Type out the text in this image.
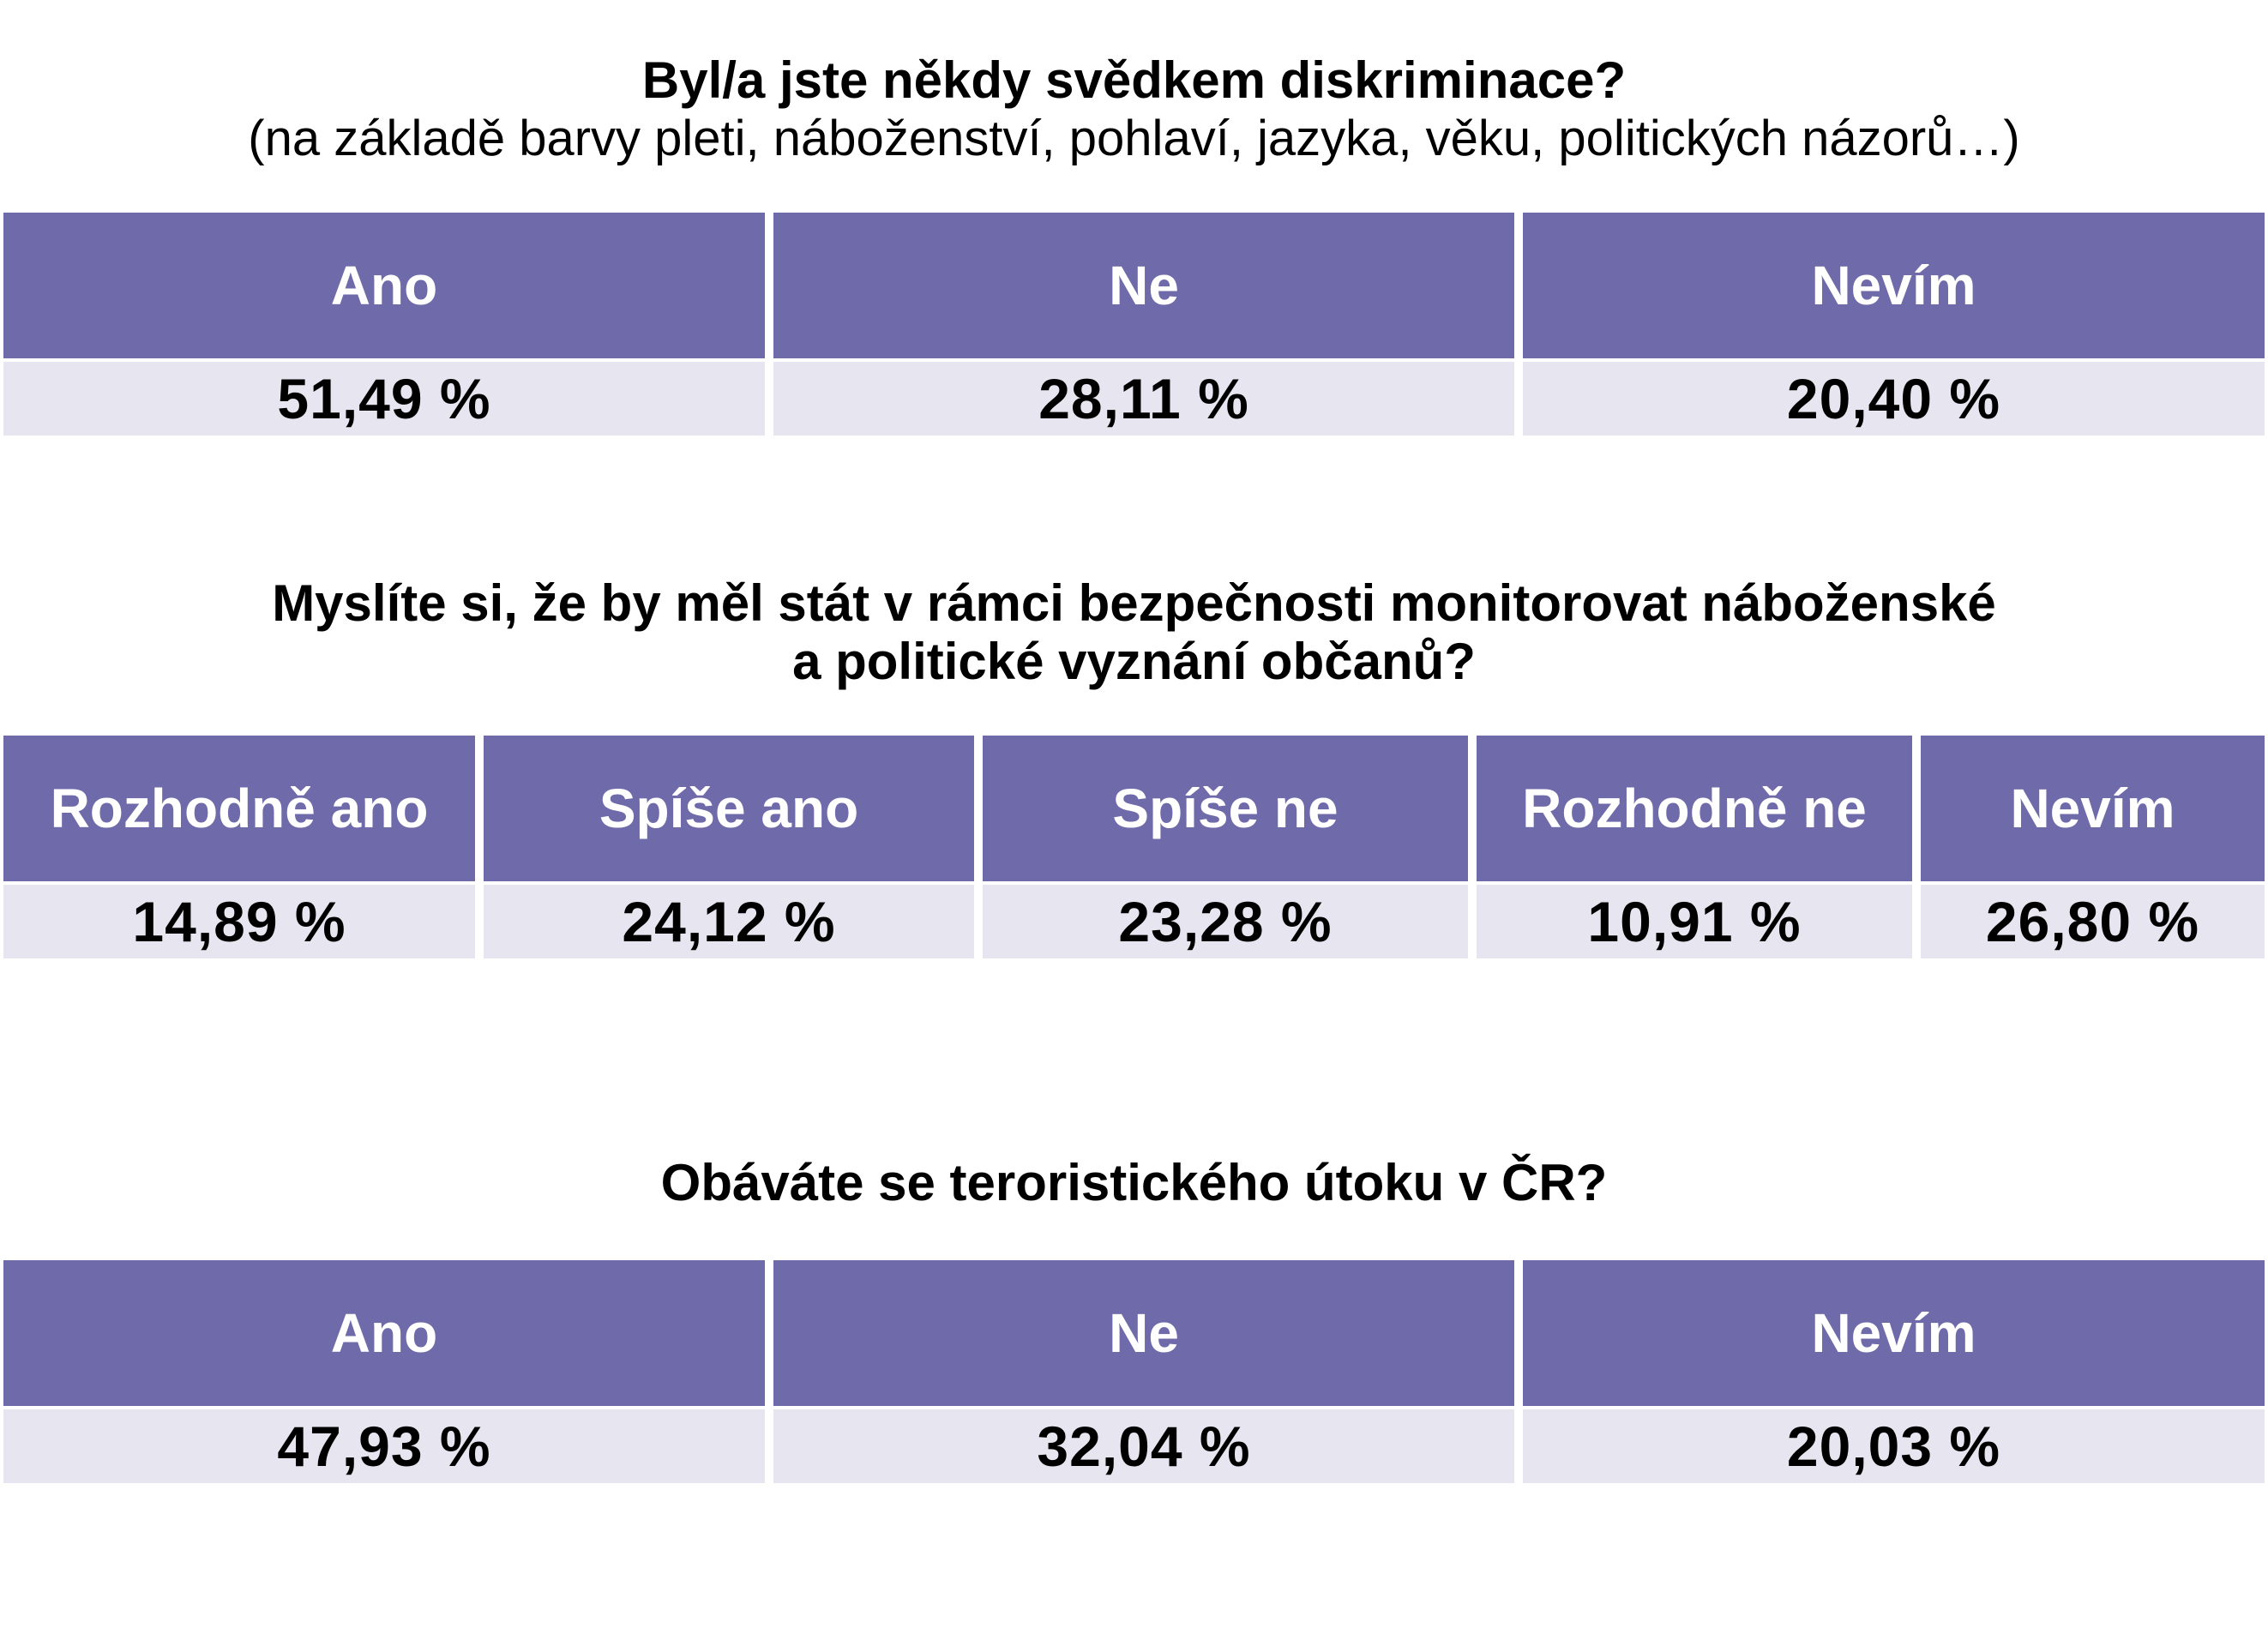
Byl/a jste někdy svědkem diskriminace?
(na základě barvy pleti, náboženství, pohlaví, jazyka, věku, politických názorů…)
Ano
51,49 %
Ne
28,11 %
Nevím
20,40 %
Myslíte si, že by měl stát v rámci bezpečnosti monitorovat náboženské
a politické vyznání občanů?
Rozhodně ano
14,89 %
Spíše ano
24,12 %
Spíše ne
23,28 %
Rozhodně ne
10,91 %
Nevím
26,80 %
Obáváte se teroristického útoku v ČR?
Ano
47,93 %
Ne
32,04 %
Nevím
20,03 %
